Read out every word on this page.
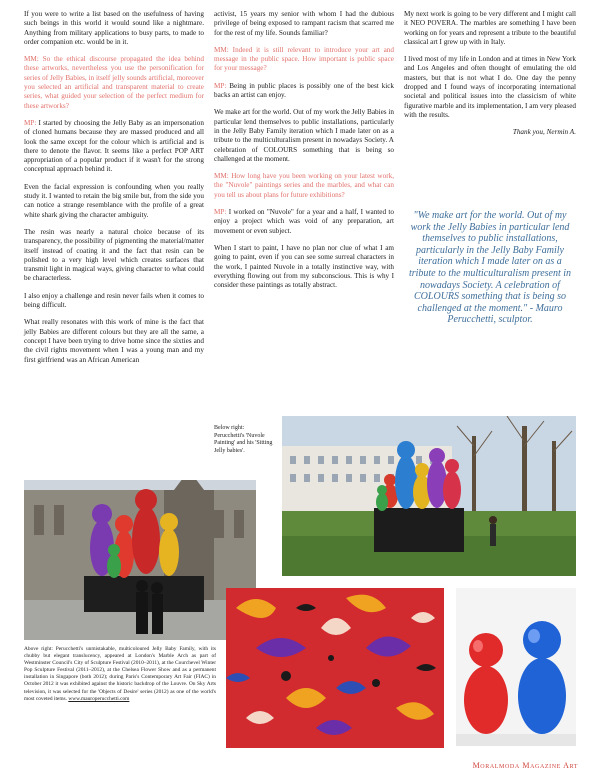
If you were to write a list based on the usefulness of having such beings in this world it would sound like a nightmare. Anything from military applications to busy parts, to made to order companion etc. would be in it.

MM: So the ethical discourse propagated the idea behind these artworks, nevertheless you use the personification for series of Jelly Babies, in itself jelly sounds artificial, moreover you selected an artificial and transparent material to create series, what guided your selection of the perfect medium for these artworks?

MP: I started by choosing the Jelly Baby as an impersonation of cloned humans because they are massed produced and all look the same except for the colour which is artificial and is there to denote the flavor. It seems like a perfect POP ART appropriation of a popular product if it wasn't for the strong conceptual approach behind it.

Even the facial expression is confounding when you really study it. I wanted to retain the big smile but, from the side you can notice a strange resemblance with the profile of a great white shark giving the character ambiguity.

The resin was nearly a natural choice because of its transparency, the possibility of pigmenting the material/matter itself instead of coating it and the fact that resin can be polished to a very high level which creates surfaces that transmit light in magical ways, giving character to what could be characterless.

I also enjoy a challenge and resin never fails when it comes to being difficult.

What really resonates with this work of mine is the fact that jelly Babies are different colours but they are all the same, a concept I have been trying to drive home since the sixties and the civil rights movement when I was a young man and my first girlfriend was an African American

activist, 15 years my senior with whom I had the dubious privilege of being exposed to rampant racism that scarred me for the rest of my life. Sounds familiar?

MM: Indeed it is still relevant to introduce your art and message in the public space. How important is public space for your message?

MP: Being in public places is possibly one of the best kick backs an artist can enjoy.

We make art for the world. Out of my work the Jelly Babies in particular lend themselves to public installations, particularly in the Jelly Baby Family iteration which I made later on as a tribute to the multiculturalism present in nowadays Society. A celebration of COLOURS something that is being so challenged at the moment.

MM: How long have you been working on your latest work, the "Nuvole" paintings series and the marbles, and what can you tell us about plans for future exhibitions?

MP: I worked on "Nuvole" for a year and a half, I wanted to enjoy a project which was void of any preparation, art movement or even subject.

When I start to paint, I have no plan nor clue of what I am going to paint, even if you can see some surreal characters in the work, I painted Nuvole in a totally instinctive way, with everything flowing out from my subconscious. This is why I consider these paintings as totally abstract.

My next work is going to be very different and I might call it NEO POVERA. The marbles are something I have been working on for years and represent a tribute to the beautiful classical art I grew up with in Italy.

I lived most of my life in London and at times in New York and Los Angeles and often thought of emulating the old masters, but that is not what I do. One day the penny dropped and I found ways of incorporating international societal and political issues into the classicism of white figurative marble and its implementation, I am very pleased with the results.

Thank you, Nermin A.

"We make art for the world. Out of my work the Jelly Babies in particular lend themselves to public installations, particularly in the Jelly Baby Family iteration which I made later on as a tribute to the multiculturalism present in nowadays Society. A celebration of COLOURS something that is being so challenged at the moment." - Mauro Perucchetti, sculptor.
Below right: Perucchetti's 'Nuvole Painting' and his 'Sitting Jelly babies'.
Above right: Perucchetti's unmistakable, multicoloured Jelly Baby Family, with its chubby but elegant translucency, appeared at London's Marble Arch as part of Westminster Council's City of Sculpture Festival (2010–2011), at the Courchevel Winter Pop Sculpture Festival (2011–2012), at the Chelsea Flower Show and as a permanent installation in Singapore (both 2012); during Paris's Contemporary Art Fair (FIAC) in October 2012 it was exhibited against the historic backdrop of the Louvre. On Sky Arts television, it was selected for the 'Objects of Desire' series (2012) as one of the world's most coveted items. www.mauroperucchetti.com
Moralmoda Magazine Art
